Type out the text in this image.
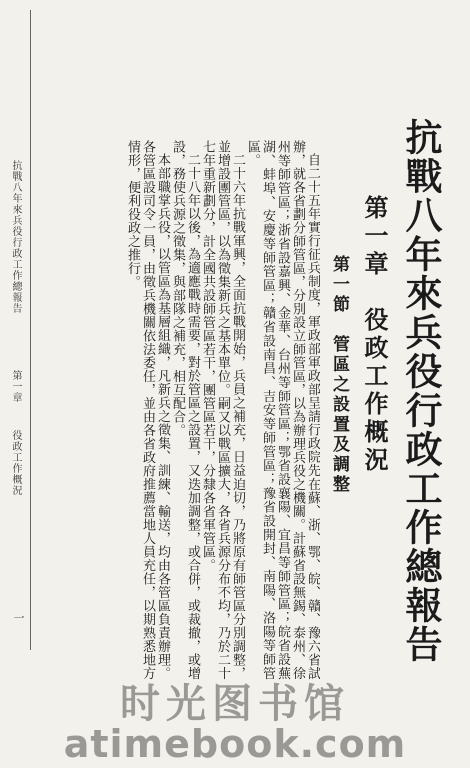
抗戰八年來兵役行政工作總報告
第一章　役政工作概況
第一節　管區之設置及調整

自二十五年實行征兵制度，軍政部軍政部呈請行政院先在蘇、浙、鄂、皖、贛、豫六省試辦，就各省劃分師管區，分別設立師管區，以為辦理兵役之機關。計蘇省設無錫、泰州、徐州等師管區；浙省設嘉興、金華、台州等師管區；鄂省設襄陽、宜昌等師管區；皖省設蕪湖、蚌埠、安慶等師管區；贛省設南昌、吉安等師管區；豫省設開封、南陽、洛陽等師管區。

二十六年抗戰軍興，全面抗戰開始，兵員之補充，日益迫切，乃將原有師管區分別調整，並增設團管區，以為徵集新兵之基本單位。嗣又以戰區擴大，各省兵源分布不均，乃於二十七年重新劃分，計全國共設師管區若干，團管區若干，分隸各省軍管區。

二十八年以後，為適應戰時需要，對於管區之設置，又迭加調整，或合併，或裁撤，或增設，務使兵源之徵集，與部隊之補充，相互配合。

本部職掌兵役，以管區為基層組織，凡新兵之徵集、訓練、輸送，均由各管區負責辦理。各管區設司令一員，由徵兵機關依法委任，並由各省政府推薦當地人員充任，以期熟悉地方情形，便利役政之推行。

抗戰八年來兵役行政工作總報告
第一章
役政工作概況
一
时光图书馆
atimebook.com
